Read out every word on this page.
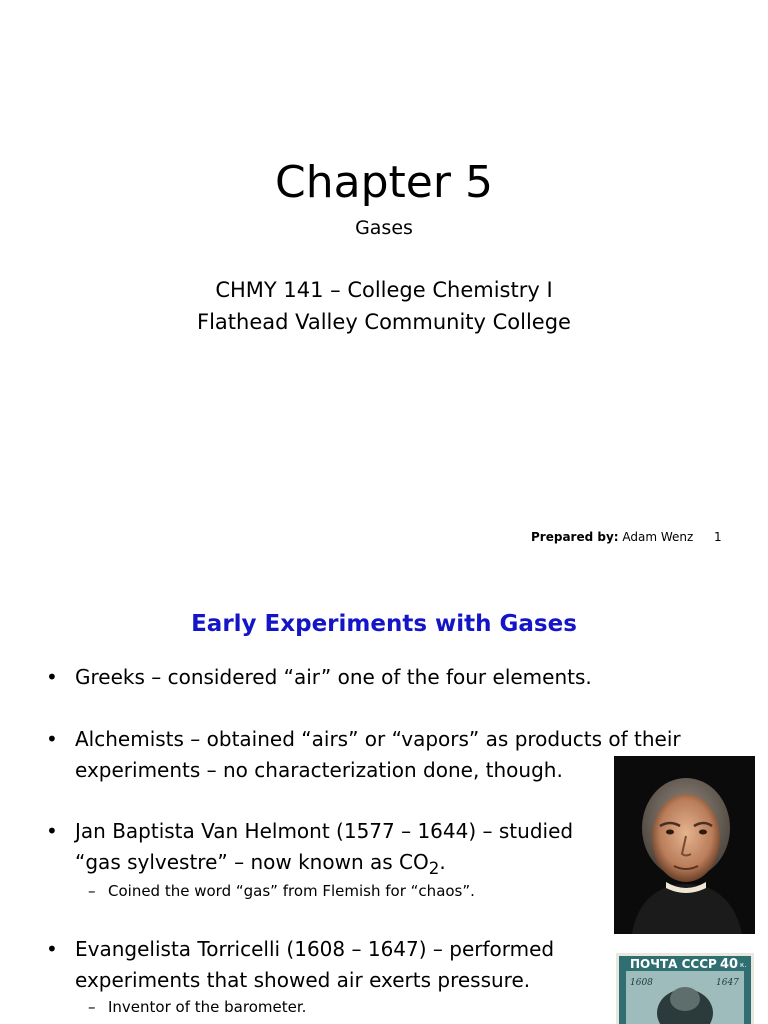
Chapter 5
Gases
CHMY 141 – College Chemistry I
Flathead Valley Community College
Prepared by: Adam Wenz 1
Early Experiments with Gases
• Greeks – considered “air” one of the four elements.
• Alchemists – obtained “airs” or “vapors” as products of their experiments – no characterization done, though.
• Jan Baptista Van Helmont (1577 – 1644) – studied “gas sylvestre” – now known as $CO_2$.
– Coined the word “gas” from Flemish for “chaos”.
• Evangelista Torricelli (1608 – 1647) – performed experiments that showed air exerts pressure.
– Inventor of the barometer.
ПОЧТА СССР 40 к.
1608	1647
